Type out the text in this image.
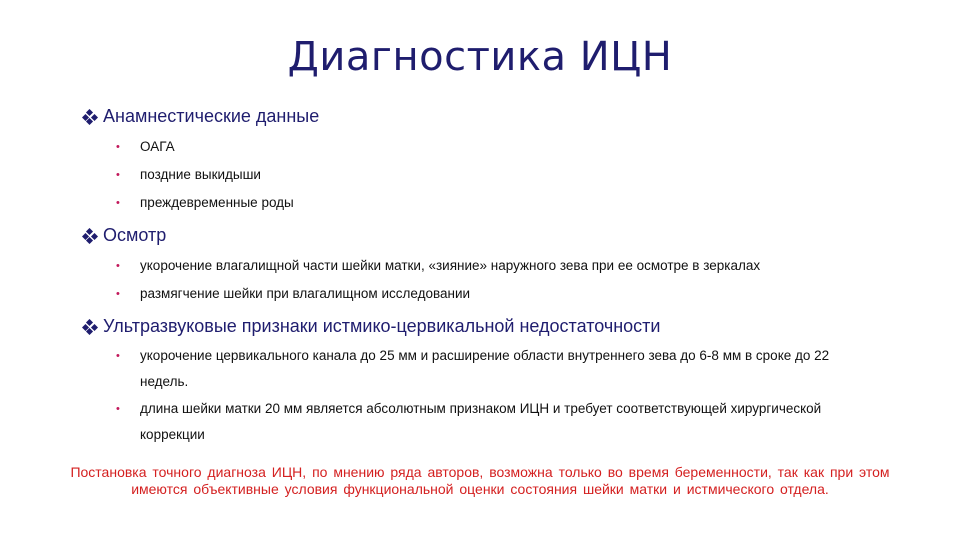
Диагностика ИЦН
Анамнестические данные
• ОАГА
• поздние выкидыши
• преждевременные роды
Осмотр
• укорочение влагалищной части шейки матки, «зияние» наружного зева при ее осмотре в зеркалах
• размягчение шейки при влагалищном исследовании
Ультразвуковые признаки истмико-цервикальной недостаточности
• укорочение цервикального канала до 25 мм и расширение области внутреннего зева до 6-8 мм в сроке до 22 недель.
• длина шейки матки 20 мм является абсолютным признаком ИЦН и требует соответствующей хирургической коррекции
Постановка точного диагноза ИЦН, по мнению ряда авторов, возможна только во время беременности, так как при этом имеются объективные условия функциональной оценки состояния шейки матки и истмического отдела.
